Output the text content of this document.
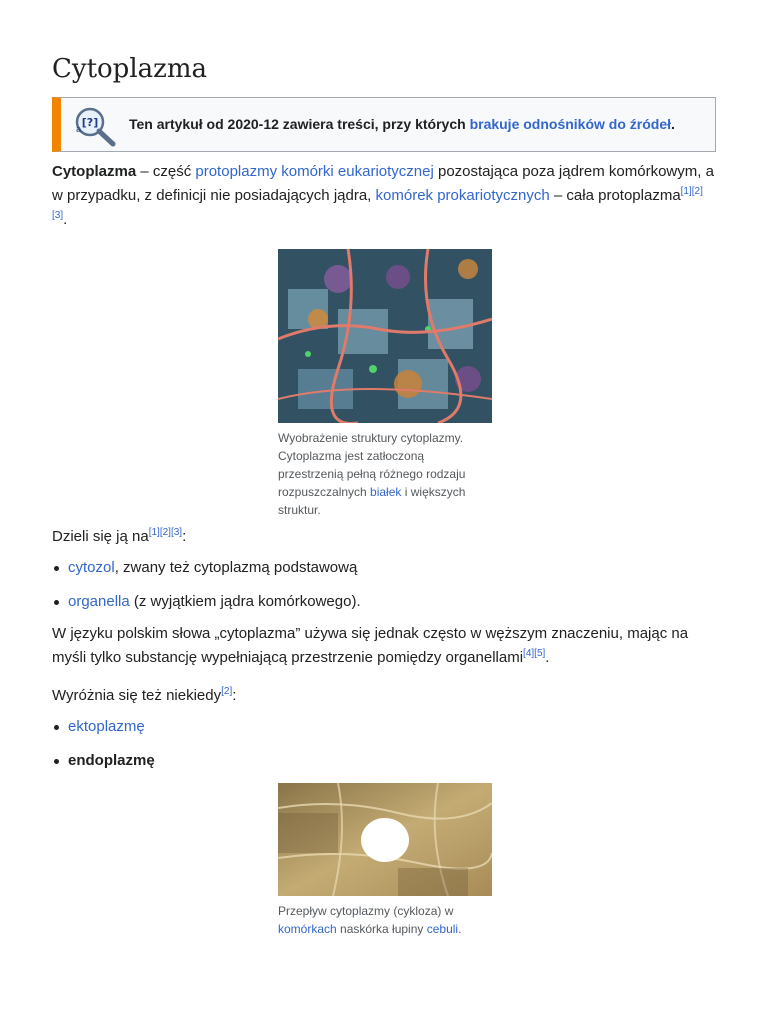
Cytoplazma
[?]
a	Ten artykuł od 2020-12 zawiera treści, przy których brakuje odnośników do źródeł.

Cytoplazma – część protoplazmy komórki eukariotycznej pozostająca poza jądrem komórkowym, a w przypadku, z definicji nie posiadających jądra, komórek prokariotycznych – cała protoplazma[1][2][3].

Wyobrażenie struktury cytoplazmy. Cytoplazma jest zatłoczoną przestrzenią pełną różnego rodzaju rozpuszczalnych białek i większych struktur.

Dzieli się ją na[1][2][3]:

cytozol, zwany też cytoplazmą podstawową
organella (z wyjątkiem jądra komórkowego).

W języku polskim słowa „cytoplazma” używa się jednak często w węższym znaczeniu, mając na myśli tylko substancję wypełniającą przestrzenie pomiędzy organellami[4][5].

Wyróżnia się też niekiedy[2]:

ektoplazmę
endoplazmę
Przepływ cytoplazmy (cykloza) w komórkach naskórka łupiny cebuli.
